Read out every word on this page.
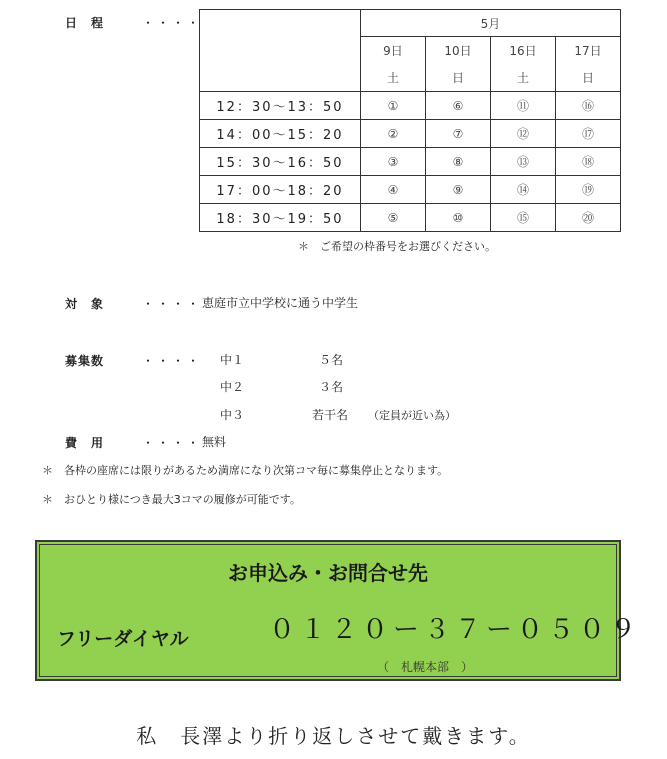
日　程	・・・・
		5月			
	9日	10日	16日	17日
	土	日	土	日
12：30〜13：50	①	⑥	⑪	⑯
14：00〜15：20	②	⑦	⑫	⑰
15：30〜16：50	③	⑧	⑬	⑱
17：00〜18：20	④	⑨	⑭	⑲
18：30〜19：50	⑤	⑩	⑮	⑳
＊　ご希望の枠番号をお選びください。
対　象	・・・・ 恵庭市立中学校に通う中学生
募集数	・・・・ 中１	５名
中２	３名
中３	若干名 （定員が近い為）
費　用	・・・・ 無料
＊　各枠の座席には限りがあるため満席になり次第コマ毎に募集停止となります。
＊　おひとり様につき最大3コマの履修が可能です。
お申込み・お問合せ先
フリーダイヤル	０１２０ー３７ー０５０９
（　札幌本部　）
私　長澤より折り返しさせて戴きます。
